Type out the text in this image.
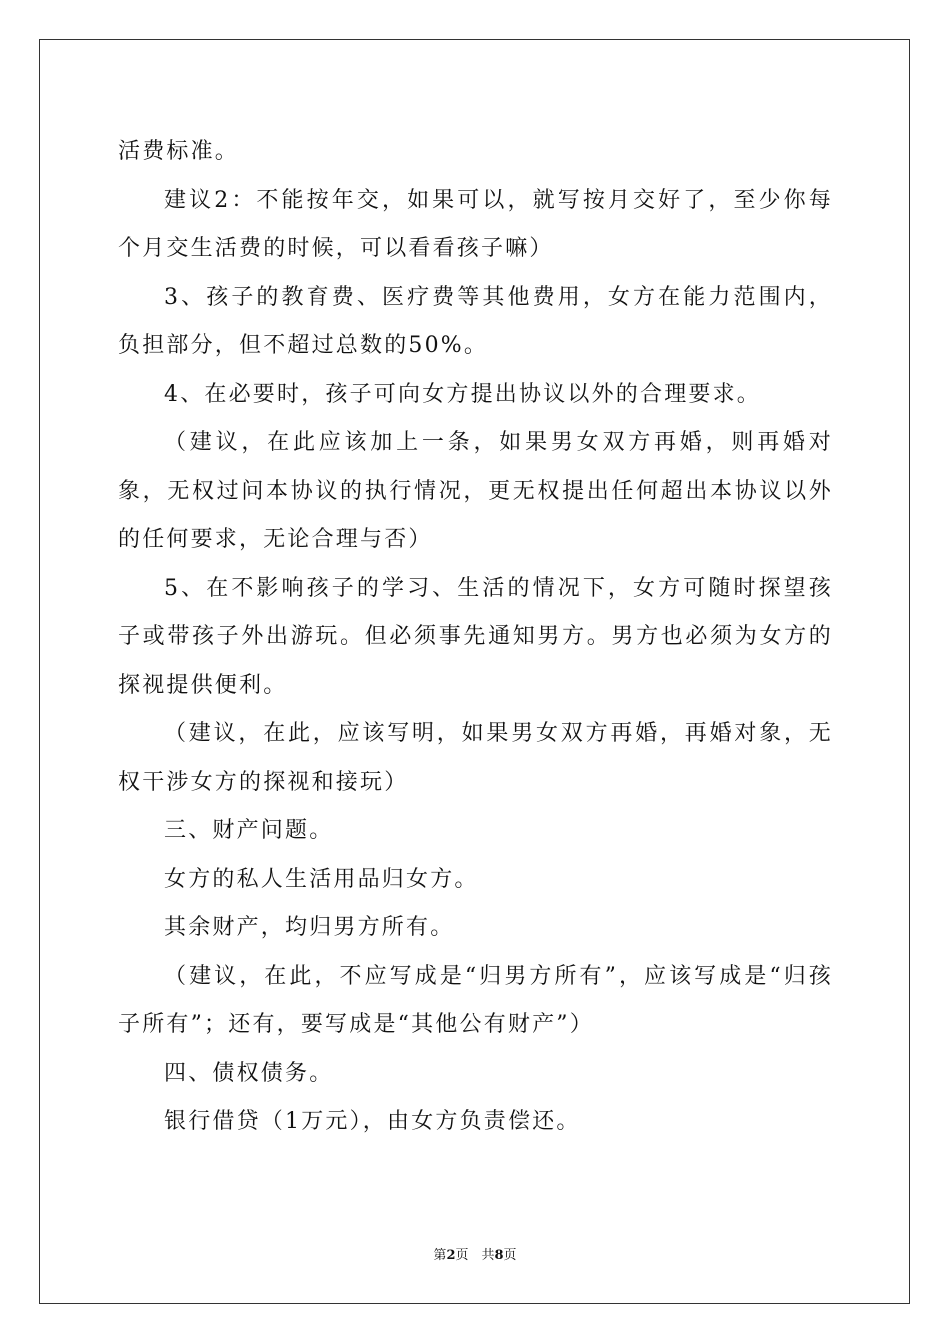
活费标准。

建议2：不能按年交，如果可以，就写按月交好了，至少你每个月交生活费的时候，可以看看孩子嘛）

3、孩子的教育费、医疗费等其他费用，女方在能力范围内，负担部分，但不超过总数的50%。

4、在必要时，孩子可向女方提出协议以外的合理要求。

（建议，在此应该加上一条，如果男女双方再婚，则再婚对象，无权过问本协议的执行情况，更无权提出任何超出本协议以外的任何要求，无论合理与否）

5、在不影响孩子的学习、生活的情况下，女方可随时探望孩子或带孩子外出游玩。但必须事先通知男方。男方也必须为女方的探视提供便利。

（建议，在此，应该写明，如果男女双方再婚，再婚对象，无权干涉女方的探视和接玩）

三、财产问题。

女方的私人生活用品归女方。

其余财产，均归男方所有。

（建议，在此，不应写成是“归男方所有”，应该写成是“归孩子所有”；还有，要写成是“其他公有财产”）

四、债权债务。

银行借贷（1万元），由女方负责偿还。

第2页　共8页
